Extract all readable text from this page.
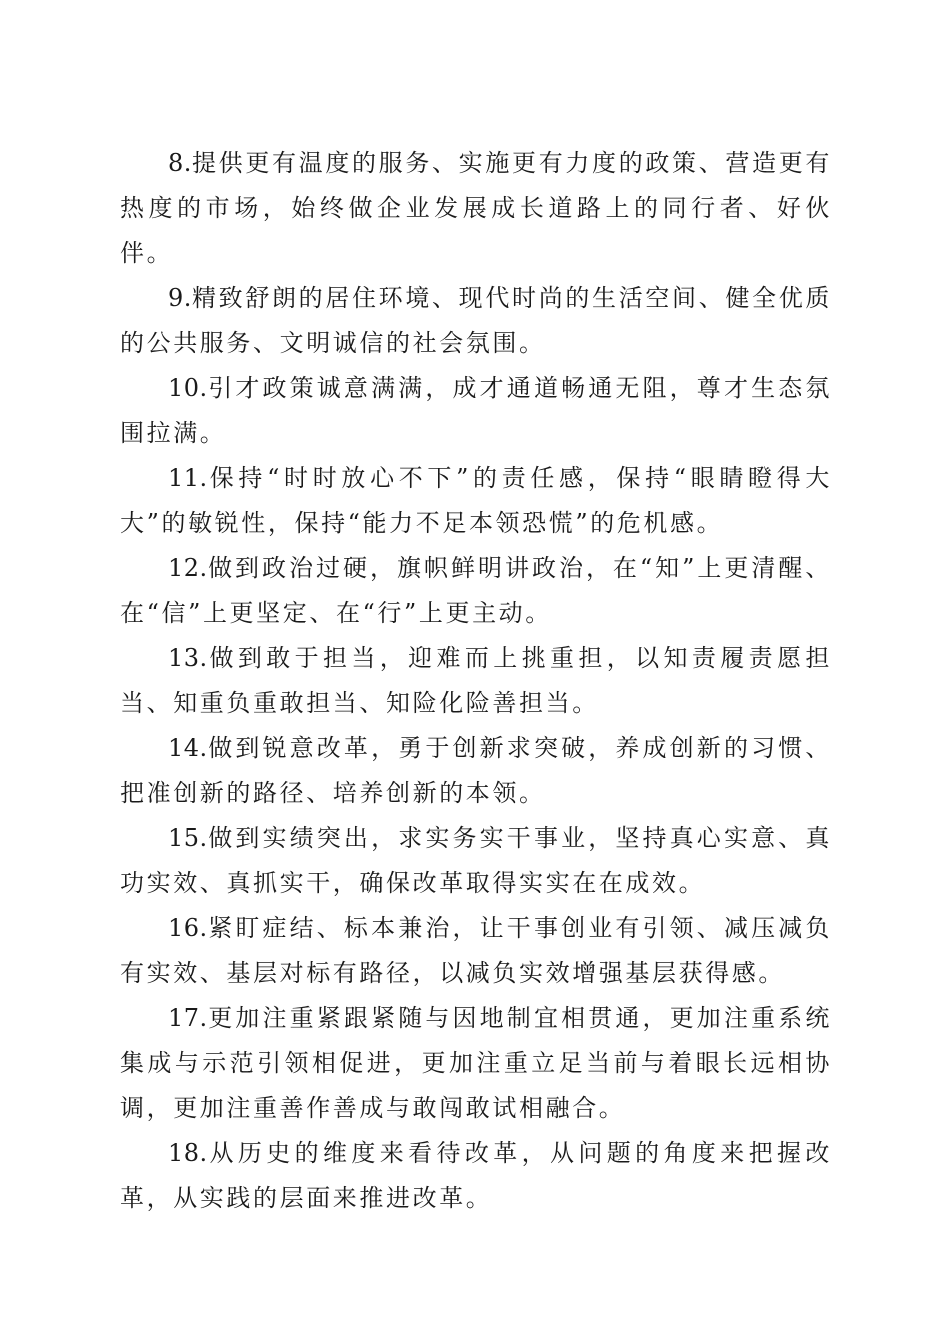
8.提供更有温度的服务、实施更有力度的政策、营造更有热度的市场，始终做企业发展成长道路上的同行者、好伙伴。

9.精致舒朗的居住环境、现代时尚的生活空间、健全优质的公共服务、文明诚信的社会氛围。

10.引才政策诚意满满，成才通道畅通无阻，尊才生态氛围拉满。

11.保持“时时放心不下”的责任感，保持“眼睛瞪得大大”的敏锐性，保持“能力不足本领恐慌”的危机感。

12.做到政治过硬，旗帜鲜明讲政治，在“知”上更清醒、在“信”上更坚定、在“行”上更主动。

13.做到敢于担当，迎难而上挑重担，以知责履责愿担当、知重负重敢担当、知险化险善担当。

14.做到锐意改革，勇于创新求突破，养成创新的习惯、把准创新的路径、培养创新的本领。

15.做到实绩突出，求实务实干事业，坚持真心实意、真功实效、真抓实干，确保改革取得实实在在成效。

16.紧盯症结、标本兼治，让干事创业有引领、减压减负有实效、基层对标有路径，以减负实效增强基层获得感。

17.更加注重紧跟紧随与因地制宜相贯通，更加注重系统集成与示范引领相促进，更加注重立足当前与着眼长远相协调，更加注重善作善成与敢闯敢试相融合。

18.从历史的维度来看待改革，从问题的角度来把握改革，从实践的层面来推进改革。
